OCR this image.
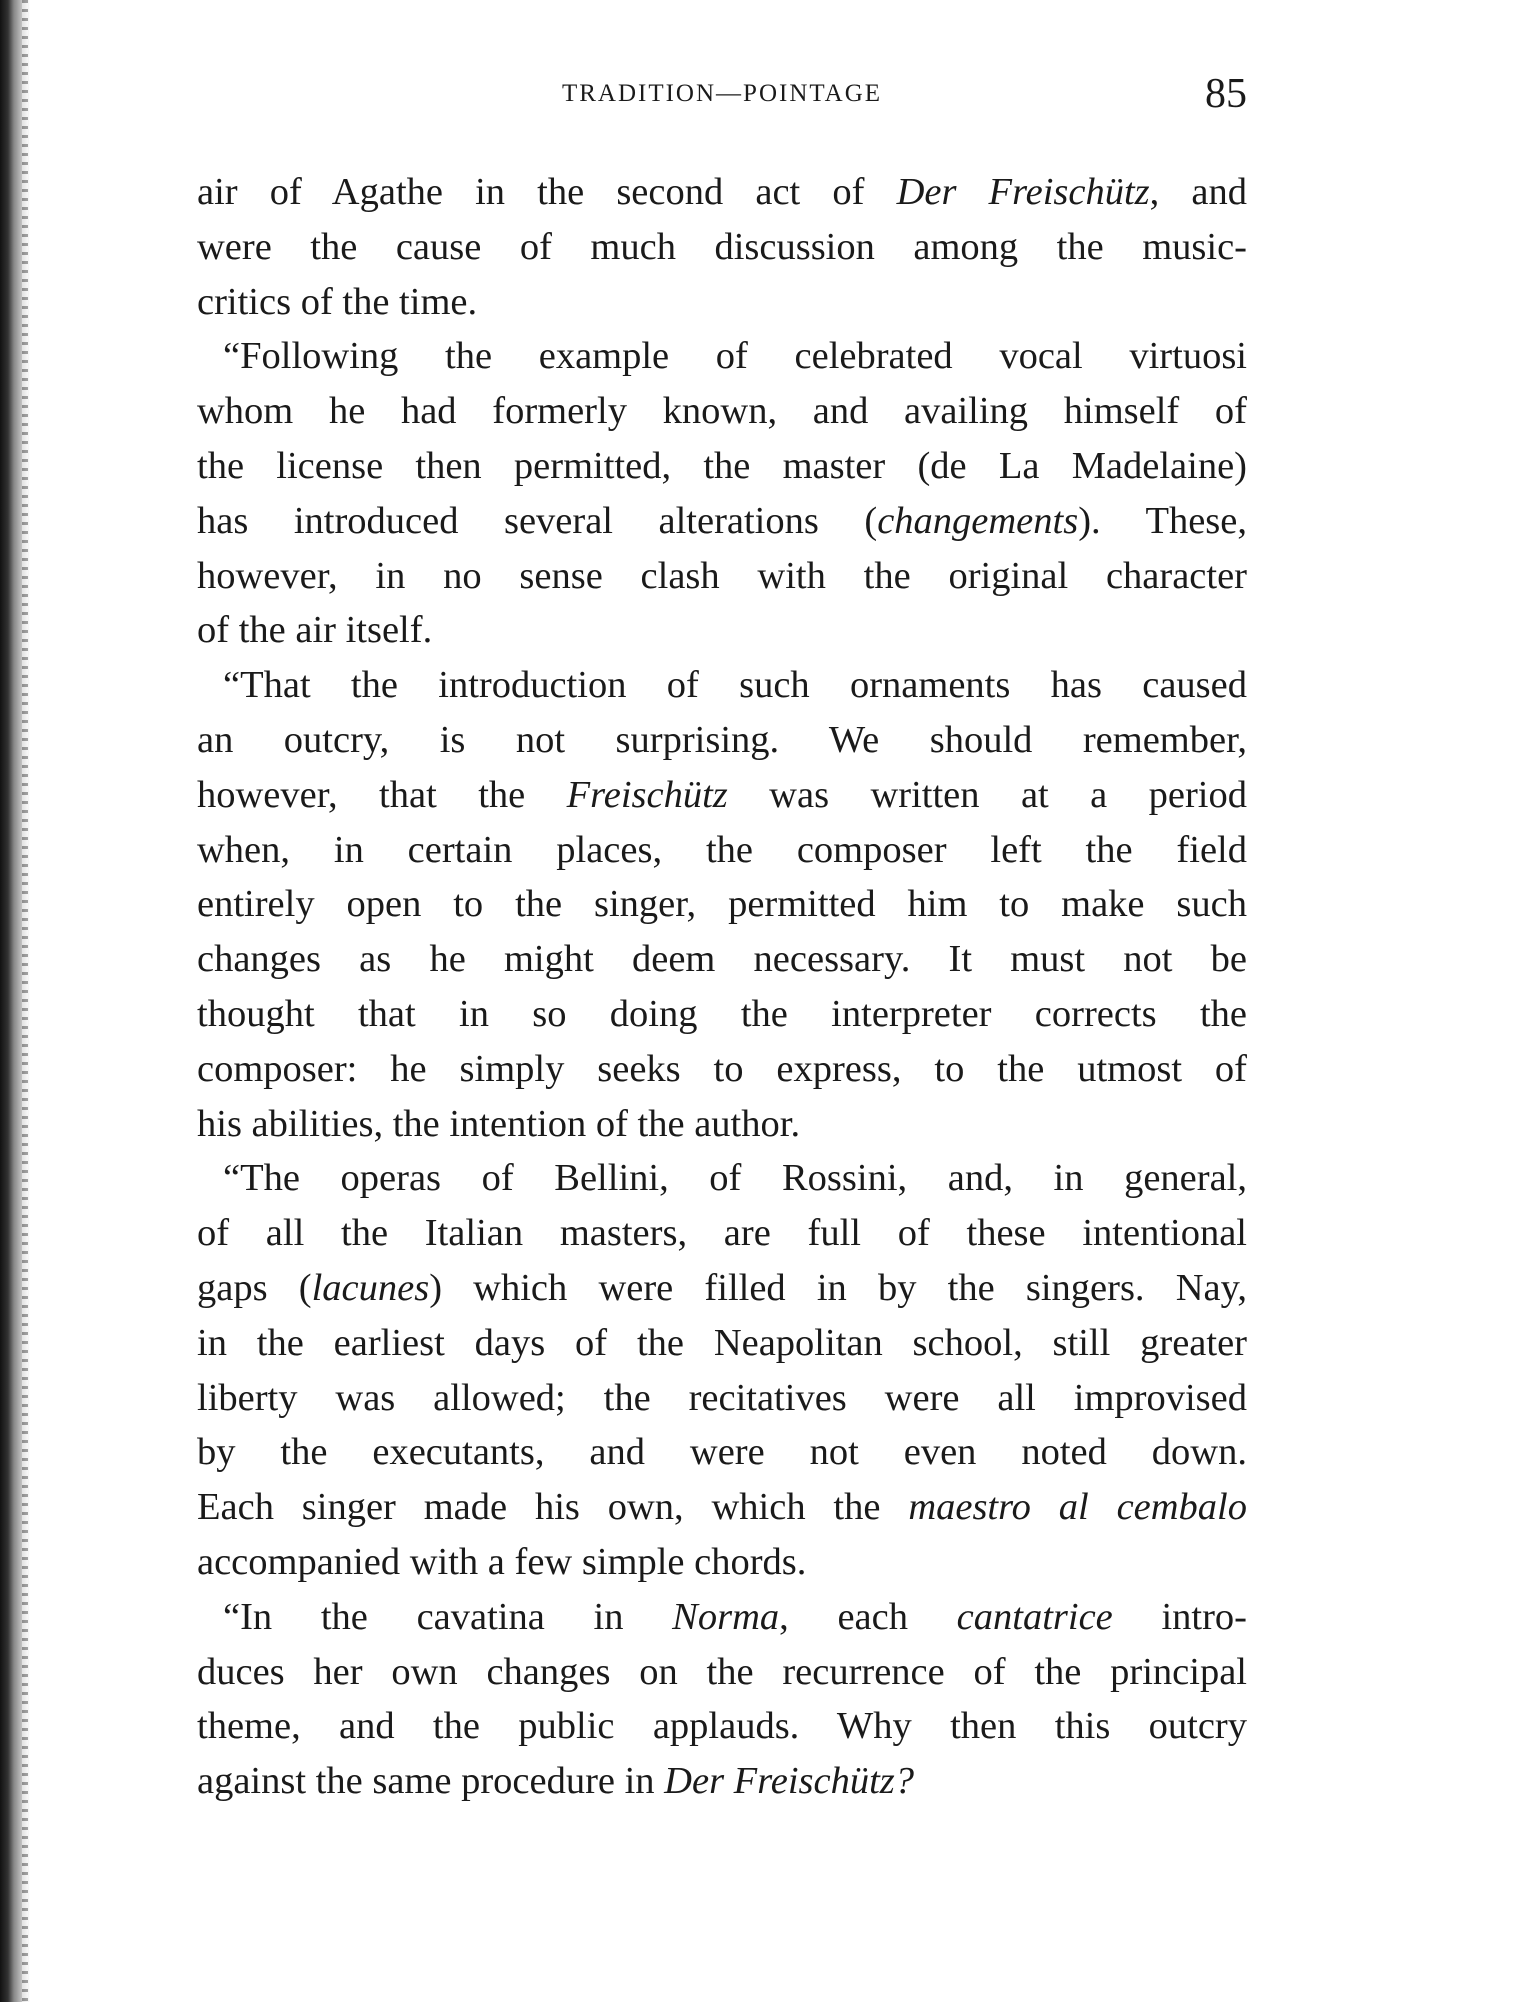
TRADITION—POINTAGE	85
air of Agathe in the second act of Der Freischütz, and
were the cause of much discussion among the music-
critics of the time.
“Following the example of celebrated vocal virtuosi
whom he had formerly known, and availing himself of
the license then permitted, the master (de La Madelaine)
has introduced several alterations (changements). These,
however, in no sense clash with the original character
of the air itself.
“That the introduction of such ornaments has caused
an outcry, is not surprising. We should remember,
however, that the Freischütz was written at a period
when, in certain places, the composer left the field
entirely open to the singer, permitted him to make such
changes as he might deem necessary. It must not be
thought that in so doing the interpreter corrects the
composer: he simply seeks to express, to the utmost of
his abilities, the intention of the author.
“The operas of Bellini, of Rossini, and, in general,
of all the Italian masters, are full of these intentional
gaps (lacunes) which were filled in by the singers. Nay,
in the earliest days of the Neapolitan school, still greater
liberty was allowed; the recitatives were all improvised
by the executants, and were not even noted down.
Each singer made his own, which the maestro al cembalo
accompanied with a few simple chords.
“In the cavatina in Norma, each cantatrice intro-
duces her own changes on the recurrence of the principal
theme, and the public applauds. Why then this outcry
against the same procedure in Der Freischütz?
